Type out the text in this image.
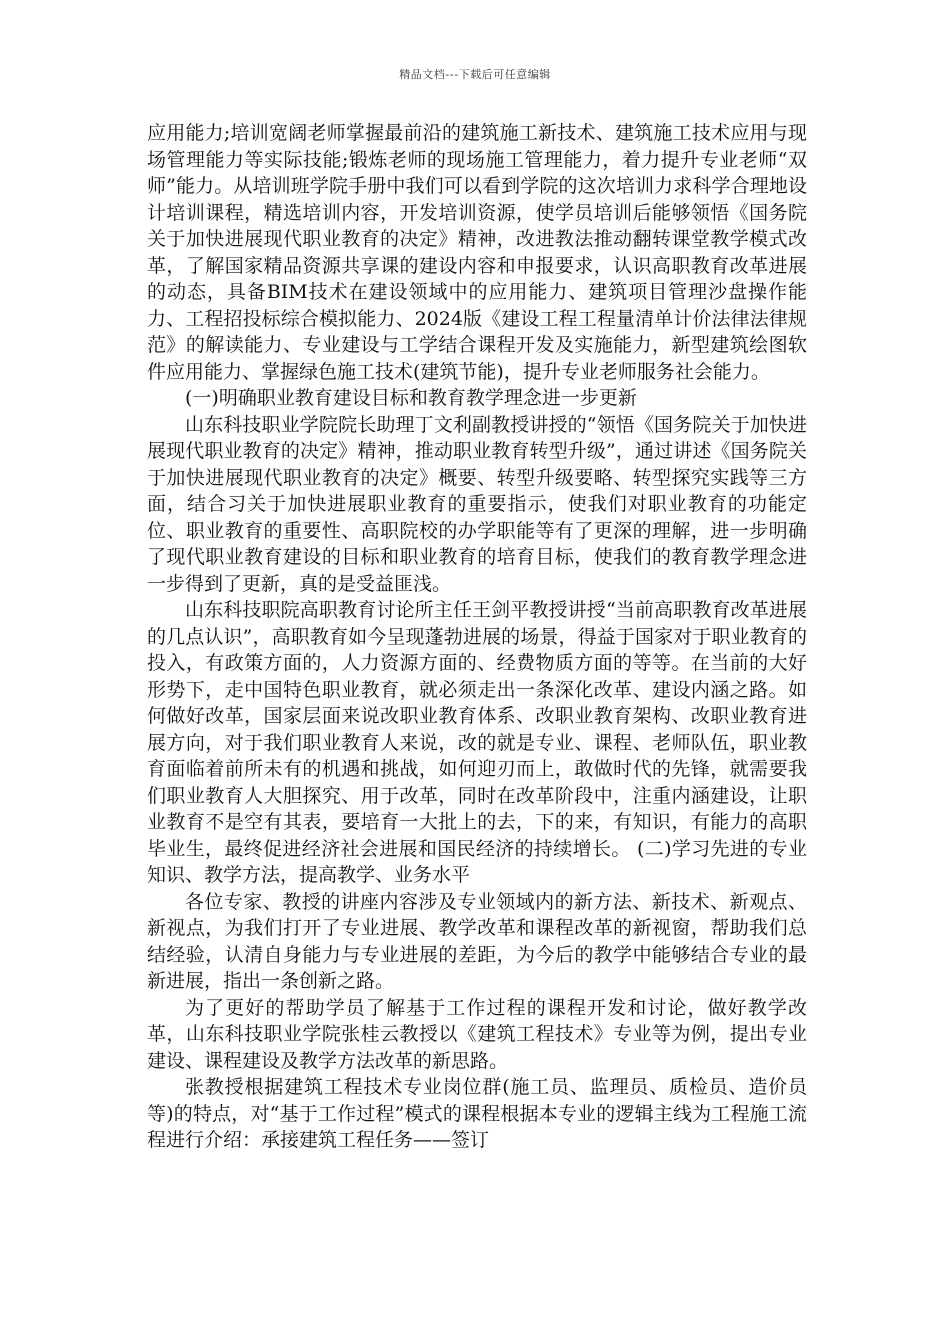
精品文档---下载后可任意编辑

应用能力;培训宽阔老师掌握最前沿的建筑施工新技术、建筑施工技术应用与现场管理能力等实际技能;锻炼老师的现场施工管理能力，着力提升专业老师“双师”能力。从培训班学院手册中我们可以看到学院的这次培训力求科学合理地设计培训课程，精选培训内容，开发培训资源，使学员培训后能够领悟《国务院关于加快进展现代职业教育的决定》精神，改进教法推动翻转课堂教学模式改革，了解国家精品资源共享课的建设内容和申报要求，认识高职教育改革进展的动态，具备BIM技术在建设领域中的应用能力、建筑项目管理沙盘操作能力、工程招投标综合模拟能力、2024版《建设工程工程量清单计价法律法律规范》的解读能力、专业建设与工学结合课程开发及实施能力，新型建筑绘图软件应用能力、掌握绿色施工技术(建筑节能)，提升专业老师服务社会能力。

(一)明确职业教育建设目标和教育教学理念进一步更新

山东科技职业学院院长助理丁文利副教授讲授的“领悟《国务院关于加快进展现代职业教育的决定》精神，推动职业教育转型升级”，通过讲述《国务院关于加快进展现代职业教育的决定》概要、转型升级要略、转型探究实践等三方面，结合习关于加快进展职业教育的重要指示，使我们对职业教育的功能定位、职业教育的重要性、高职院校的办学职能等有了更深的理解，进一步明确了现代职业教育建设的目标和职业教育的培育目标，使我们的教育教学理念进一步得到了更新，真的是受益匪浅。

山东科技职院高职教育讨论所主任王剑平教授讲授“当前高职教育改革进展的几点认识”，高职教育如今呈现蓬勃进展的场景，得益于国家对于职业教育的投入，有政策方面的，人力资源方面的、经费物质方面的等等。在当前的大好形势下，走中国特色职业教育，就必须走出一条深化改革、建设内涵之路。如何做好改革，国家层面来说改职业教育体系、改职业教育架构、改职业教育进展方向，对于我们职业教育人来说，改的就是专业、课程、老师队伍，职业教育面临着前所未有的机遇和挑战，如何迎刃而上，敢做时代的先锋，就需要我们职业教育人大胆探究、用于改革，同时在改革阶段中，注重内涵建设，让职业教育不是空有其表，要培育一大批上的去，下的来，有知识，有能力的高职毕业生，最终促进经济社会进展和国民经济的持续增长。 (二)学习先进的专业知识、教学方法，提高教学、业务水平

各位专家、教授的讲座内容涉及专业领域内的新方法、新技术、新观点、新视点，为我们打开了专业进展、教学改革和课程改革的新视窗，帮助我们总结经验，认清自身能力与专业进展的差距，为今后的教学中能够结合专业的最新进展，指出一条创新之路。

为了更好的帮助学员了解基于工作过程的课程开发和讨论，做好教学改革，山东科技职业学院张桂云教授以《建筑工程技术》专业等为例，提出专业建设、课程建设及教学方法改革的新思路。

张教授根据建筑工程技术专业岗位群(施工员、监理员、质检员、造价员等)的特点，对“基于工作过程”模式的课程根据本专业的逻辑主线为工程施工流程进行介绍：承接建筑工程任务——签订
